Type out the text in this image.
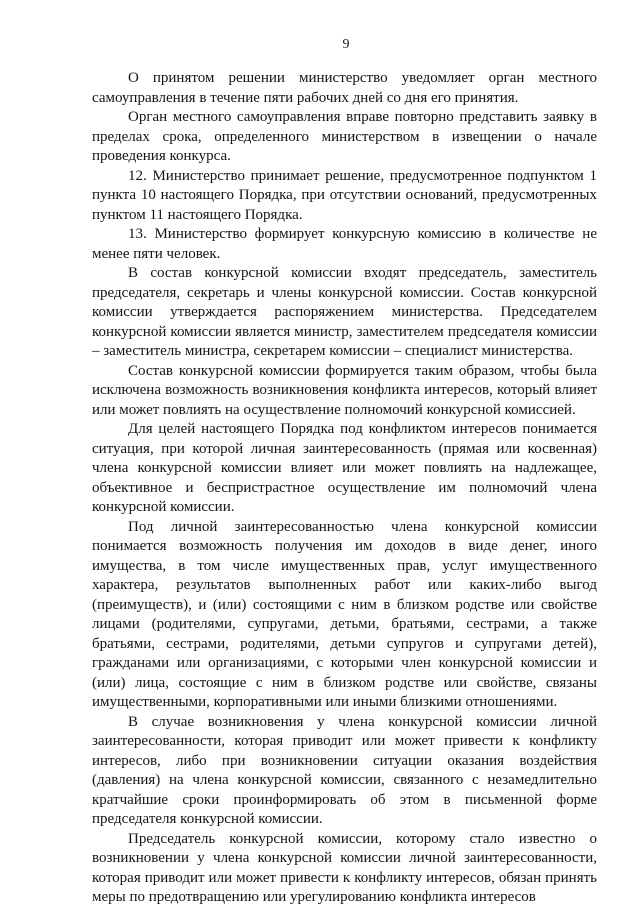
9

О принятом решении министерство уведомляет орган местного самоуправления в течение пяти рабочих дней со дня его принятия.

Орган местного самоуправления вправе повторно представить заявку в пределах срока, определенного министерством в извещении о начале проведения конкурса.

12. Министерство принимает решение, предусмотренное подпунктом 1 пункта 10 настоящего Порядка, при отсутствии оснований, предусмотренных пунктом 11 настоящего Порядка.

13. Министерство формирует конкурсную комиссию в количестве не менее пяти человек.

В состав конкурсной комиссии входят председатель, заместитель председателя, секретарь и члены конкурсной комиссии. Состав конкурсной комиссии утверждается распоряжением министерства. Председателем конкурсной комиссии является министр, заместителем председателя комиссии – заместитель министра, секретарем комиссии – специалист министерства.

Состав конкурсной комиссии формируется таким образом, чтобы была исключена возможность возникновения конфликта интересов, который влияет или может повлиять на осуществление полномочий конкурсной комиссией.

Для целей настоящего Порядка под конфликтом интересов понимается ситуация, при которой личная заинтересованность (прямая или косвенная) члена конкурсной комиссии влияет или может повлиять на надлежащее, объективное и беспристрастное осуществление им полномочий члена конкурсной комиссии.

Под личной заинтересованностью члена конкурсной комиссии понимается возможность получения им доходов в виде денег, иного имущества, в том числе имущественных прав, услуг имущественного характера, результатов выполненных работ или каких-либо выгод (преимуществ), и (или) состоящими с ним в близком родстве или свойстве лицами (родителями, супругами, детьми, братьями, сестрами, а также братьями, сестрами, родителями, детьми супругов и супругами детей), гражданами или организациями, с которыми член конкурсной комиссии и (или) лица, состоящие с ним в близком родстве или свойстве, связаны имущественными, корпоративными или иными близкими отношениями.

В случае возникновения у члена конкурсной комиссии личной заинтересованности, которая приводит или может привести к конфликту интересов, либо при возникновении ситуации оказания воздействия (давления) на члена конкурсной комиссии, связанного с незамедлительно кратчайшие сроки проинформировать об этом в письменной форме председателя конкурсной комиссии.

Председатель конкурсной комиссии, которому стало известно о возникновении у члена конкурсной комиссии личной заинтересованности, которая приводит или может привести к конфликту интересов, обязан принять меры по предотвращению или урегулированию конфликта интересов
